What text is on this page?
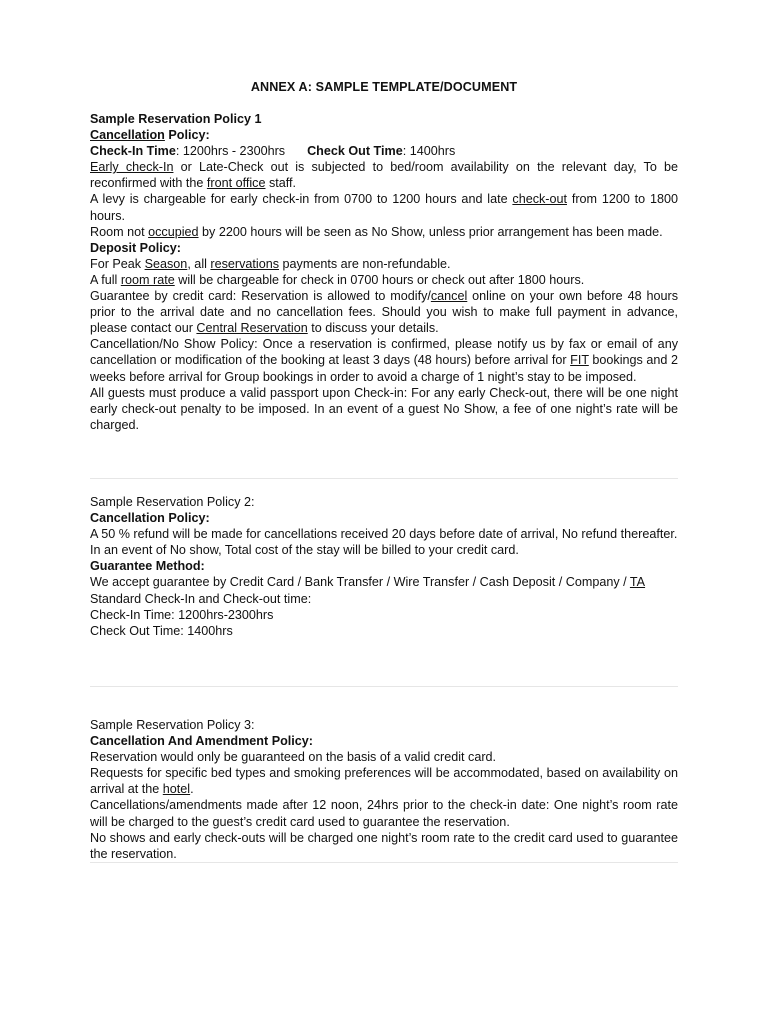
ANNEX A: SAMPLE TEMPLATE/DOCUMENT

Sample Reservation Policy 1

Cancellation Policy:

Check-In Time: 1200hrs - 2300hrs Check Out Time: 1400hrs

Early check-In or Late-Check out is subjected to bed/room availability on the relevant day, To be reconfirmed with the front office staff.

A levy is chargeable for early check-in from 0700 to 1200 hours and late check-out from 1200 to 1800 hours.

Room not occupied by 2200 hours will be seen as No Show, unless prior arrangement has been made.

Deposit Policy:

For Peak Season, all reservations payments are non-refundable.

A full room rate will be chargeable for check in 0700 hours or check out after 1800 hours.

Guarantee by credit card: Reservation is allowed to modify/cancel online on your own before 48 hours prior to the arrival date and no cancellation fees. Should you wish to make full payment in advance, please contact our Central Reservation to discuss your details.

Cancellation/No Show Policy: Once a reservation is confirmed, please notify us by fax or email of any cancellation or modification of the booking at least 3 days (48 hours) before arrival for FIT bookings and 2 weeks before arrival for Group bookings in order to avoid a charge of 1 night’s stay to be imposed.

All guests must produce a valid passport upon Check-in: For any early Check-out, there will be one night early check-out penalty to be imposed. In an event of a guest No Show, a fee of one night’s rate will be charged.

Sample Reservation Policy 2:

Cancellation Policy:

A 50 % refund will be made for cancellations received 20 days before date of arrival, No refund thereafter.

In an event of No show, Total cost of the stay will be billed to your credit card.

Guarantee Method:

We accept guarantee by Credit Card / Bank Transfer / Wire Transfer / Cash Deposit / Company / TA

Standard Check-In and Check-out time:

Check-In Time: 1200hrs-2300hrs

Check Out Time: 1400hrs

Sample Reservation Policy 3:

Cancellation And Amendment Policy:

Reservation would only be guaranteed on the basis of a valid credit card.

Requests for specific bed types and smoking preferences will be accommodated, based on availability on arrival at the hotel.

Cancellations/amendments made after 12 noon, 24hrs prior to the check-in date: One night’s room rate will be charged to the guest’s credit card used to guarantee the reservation.

No shows and early check-outs will be charged one night’s room rate to the credit card used to guarantee the reservation.
